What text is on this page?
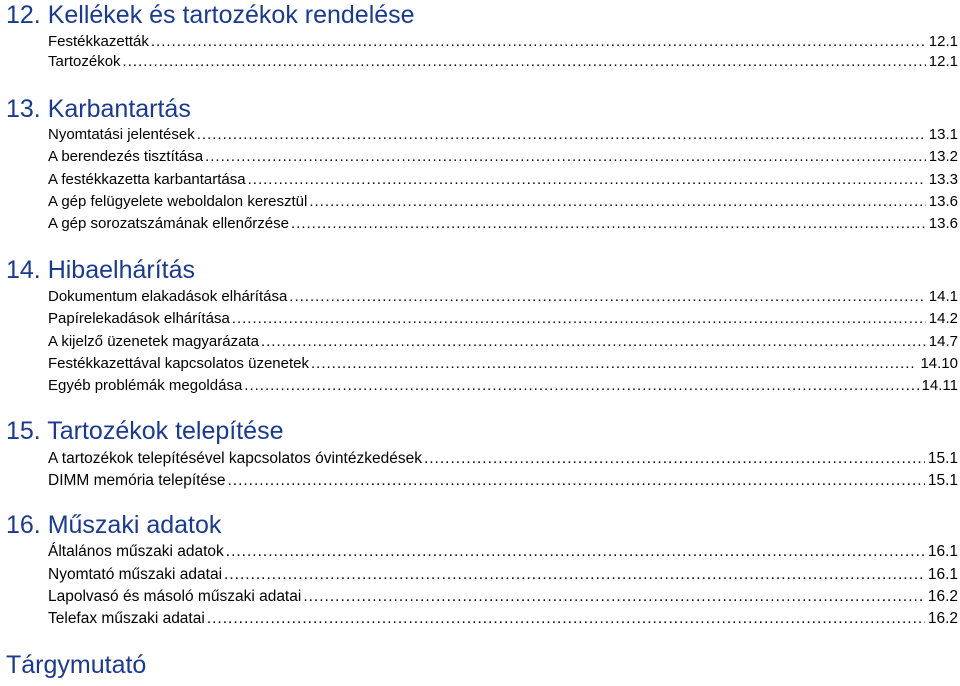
12. Kellékek és tartozékok rendelése
Festékkazetták .....	12.1
Tartozékok .....	12.1
13. Karbantartás
Nyomtatási jelentések .....	13.1
A berendezés tisztítása .....	13.2
A festékkazetta karbantartása .....	13.3
A gép felügyelete weboldalon keresztül .....	13.6
A gép sorozatszámának ellenőrzése .....	13.6
14. Hibaelhárítás
Dokumentum elakadások elhárítása .....	14.1
Papírelekadások elhárítása .....	14.2
A kijelző üzenetek magyarázata .....	14.7
Festékkazettával kapcsolatos üzenetek .....	14.10
Egyéb problémák megoldása .....	14.11
15. Tartozékok telepítése
A tartozékok telepítésével kapcsolatos óvintézkedések .....	15.1
DIMM memória telepítése .....	15.1
16. Műszaki adatok
Általános műszaki adatok .....	16.1
Nyomtató műszaki adatai .....	16.1
Lapolvasó és másoló műszaki adatai .....	16.2
Telefax műszaki adatai .....	16.2
Tárgymutató
